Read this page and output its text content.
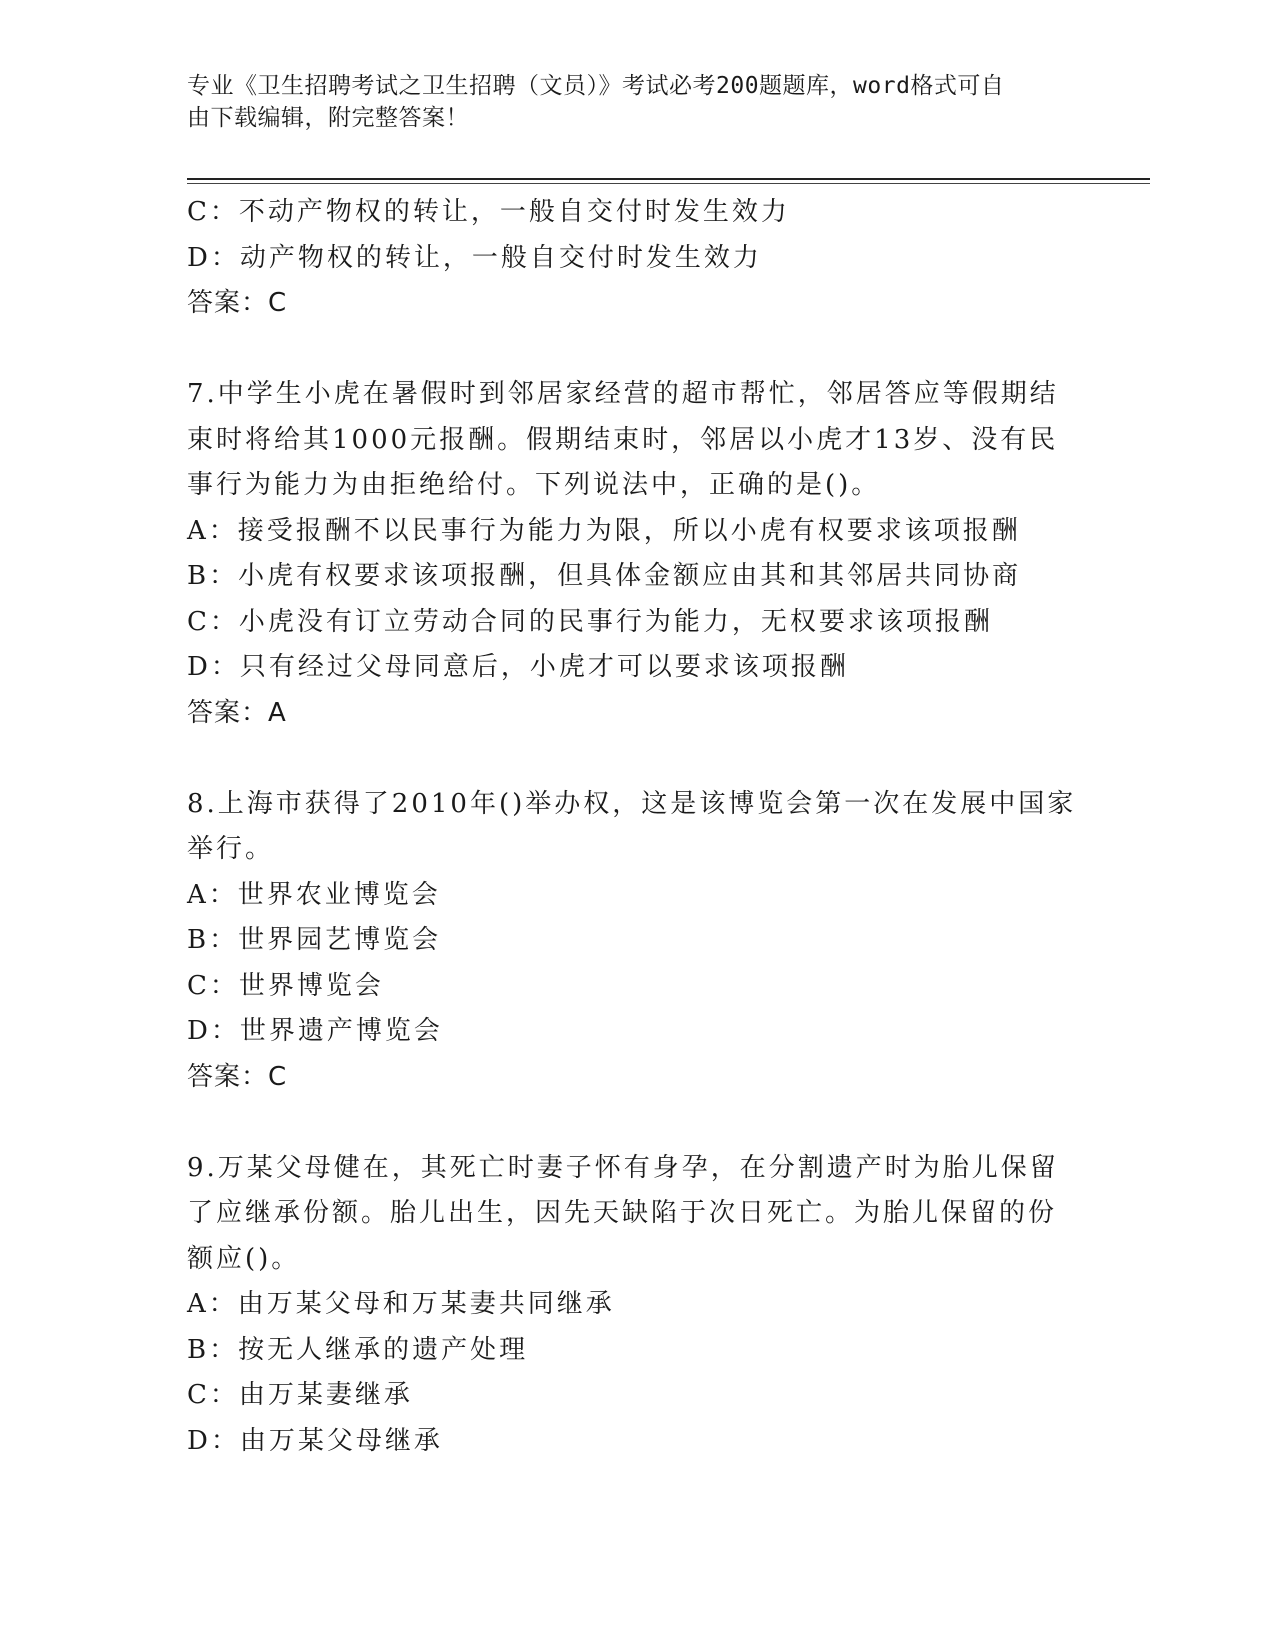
专业《卫生招聘考试之卫生招聘（文员）》考试必考200题题库，word格式可自
由下载编辑，附完整答案！
C：不动产物权的转让，一般自交付时发生效力
D：动产物权的转让，一般自交付时发生效力
答案：C
7.中学生小虎在暑假时到邻居家经营的超市帮忙，邻居答应等假期结
束时将给其1000元报酬。假期结束时，邻居以小虎才13岁、没有民
事行为能力为由拒绝给付。下列说法中，正确的是()。
A：接受报酬不以民事行为能力为限，所以小虎有权要求该项报酬
B：小虎有权要求该项报酬，但具体金额应由其和其邻居共同协商
C：小虎没有订立劳动合同的民事行为能力，无权要求该项报酬
D：只有经过父母同意后，小虎才可以要求该项报酬
答案：A
8.上海市获得了2010年()举办权，这是该博览会第一次在发展中国家
举行。
A：世界农业博览会
B：世界园艺博览会
C：世界博览会
D：世界遗产博览会
答案：C
9.万某父母健在，其死亡时妻子怀有身孕，在分割遗产时为胎儿保留
了应继承份额。胎儿出生，因先天缺陷于次日死亡。为胎儿保留的份
额应()。
A：由万某父母和万某妻共同继承
B：按无人继承的遗产处理
C：由万某妻继承
D：由万某父母继承
